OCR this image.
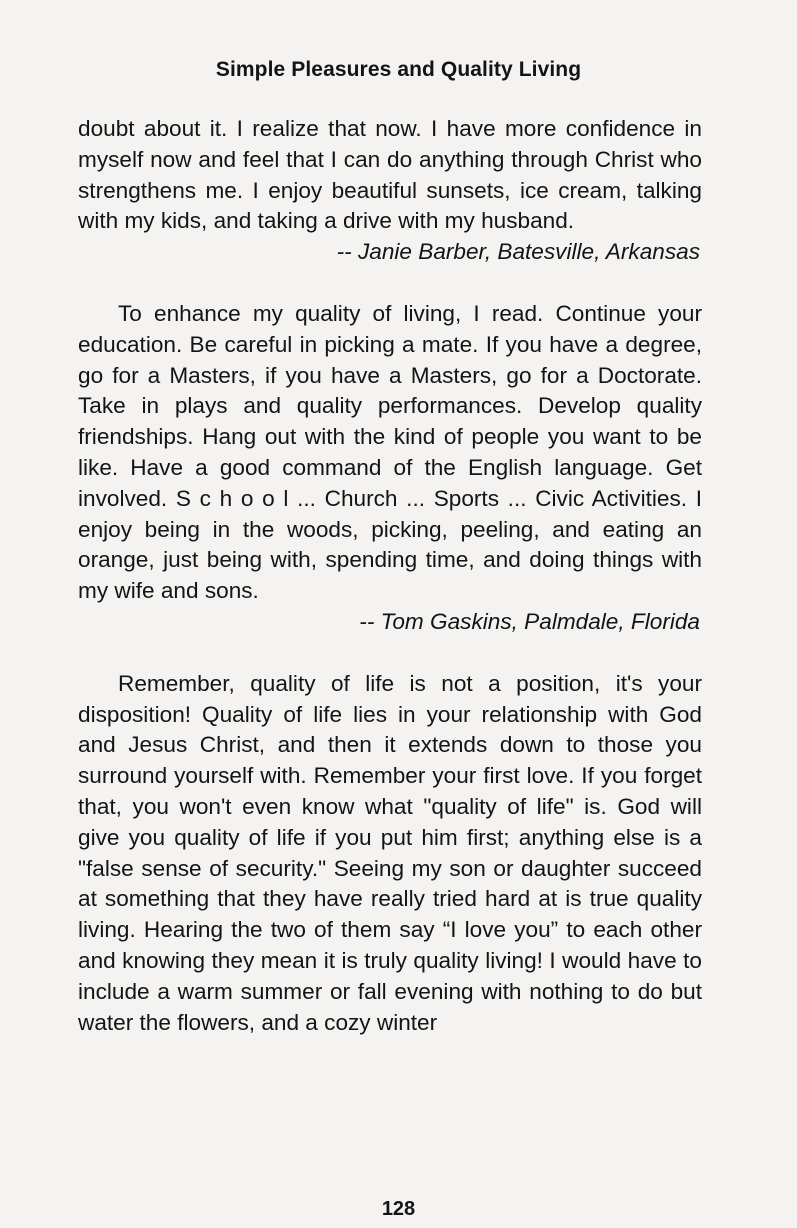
Simple Pleasures and Quality Living

doubt about it. I realize that now. I have more confidence in myself now and feel that I can do anything through Christ who strengthens me. I enjoy beautiful sunsets, ice cream, talking with my kids, and taking a drive with my husband.

-- Janie Barber, Batesville, Arkansas

To enhance my quality of living, I read. Continue your education. Be careful in picking a mate. If you have a degree, go for a Masters, if you have a Masters, go for a Doctorate. Take in plays and quality performances. Develop quality friendships. Hang out with the kind of people you want to be like. Have a good command of the English language. Get involved. S c h o o l ... Church ... Sports ... Civic Activities. I enjoy being in the woods, picking, peeling, and eating an orange, just being with, spending time, and doing things with my wife and sons.

-- Tom Gaskins, Palmdale, Florida

Remember, quality of life is not a position, it's your disposition! Quality of life lies in your relationship with God and Jesus Christ, and then it extends down to those you surround yourself with. Remember your first love. If you forget that, you won't even know what "quality of life" is. God will give you quality of life if you put him first; anything else is a "false sense of security." Seeing my son or daughter succeed at something that they have really tried hard at is true quality living. Hearing the two of them say “I love you” to each other and knowing they mean it is truly quality living! I would have to include a warm summer or fall evening with nothing to do but water the flowers, and a cozy winter

128
